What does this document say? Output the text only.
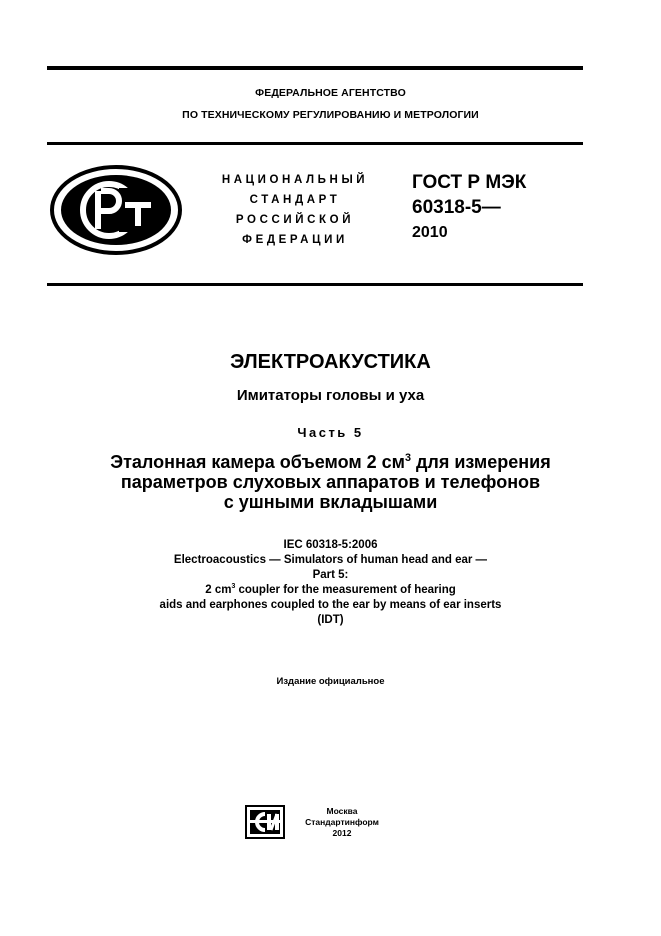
ФЕДЕРАЛЬНОЕ АГЕНТСТВО
ПО ТЕХНИЧЕСКОМУ РЕГУЛИРОВАНИЮ И МЕТРОЛОГИИ
НАЦИОНАЛЬНЫЙ
СТАНДАРТ
РОССИЙСКОЙ
ФЕДЕРАЦИИ
ГОСТ Р МЭК
60318-5—
2010
ЭЛЕКТРОАКУСТИКА
Имитаторы головы и уха
Часть 5
Эталонная камера объемом 2 $см^3$ для измерения
параметров слуховых аппаратов и телефонов
с ушными вкладышами
IEC 60318-5:2006
Electroacoustics — Simulators of human head and ear —
Part 5:
2 $cm^3$ coupler for the measurement of hearing
aids and earphones coupled to the ear by means of ear inserts
(IDT)
Издание официальное
Москва
Стандартинформ
2012
